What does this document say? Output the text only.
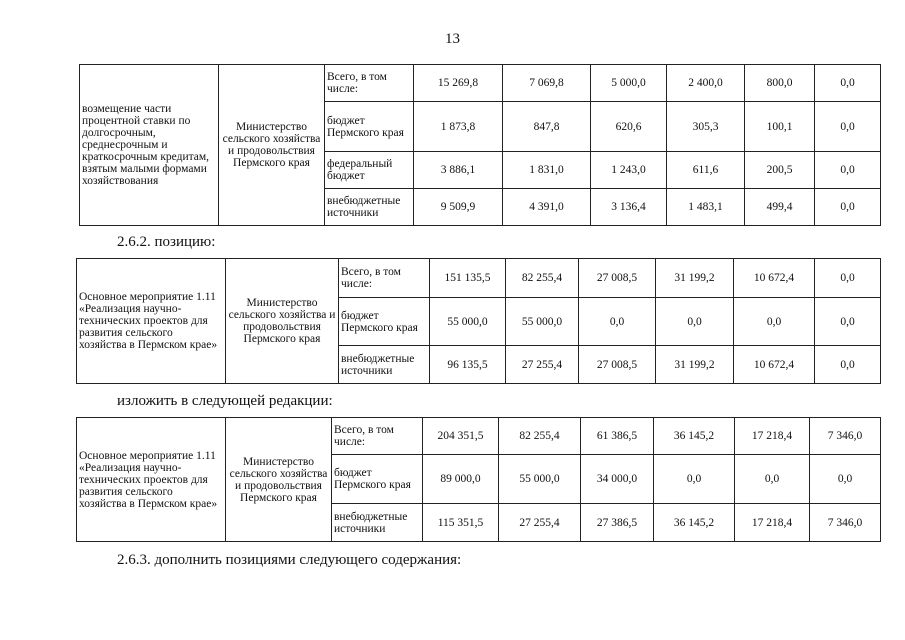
13
возмещение части процентной ставки по долгосрочным, среднесрочным и краткосрочным кредитам, взятым малыми формами хозяйствования	Министерство сельского хозяйства и продовольствия Пермского края	Всего, в том числе:	15 269,8	7 069,8	5 000,0	2 400,0	800,0	0,0
		бюджет Пермского края	1 873,8	847,8	620,6	305,3	100,1	0,0
		федеральный бюджет	3 886,1	1 831,0	1 243,0	611,6	200,5	0,0
		внебюджетные источники	9 509,9	4 391,0	3 136,4	1 483,1	499,4	0,0
2.6.2. позицию:
Основное мероприятие 1.11 «Реализация научно-технических проектов для развития сельского хозяйства в Пермском крае»	Министерство сельского хозяйства и продовольствия Пермского края	Всего, в том числе:	151 135,5	82 255,4	27 008,5	31 199,2	10 672,4	0,0
		бюджет Пермского края	55 000,0	55 000,0	0,0	0,0	0,0	0,0
		внебюджетные источники	96 135,5	27 255,4	27 008,5	31 199,2	10 672,4	0,0
изложить в следующей редакции:
Основное мероприятие 1.11 «Реализация научно-технических проектов для развития сельского хозяйства в Пермском крае»	Министерство сельского хозяйства и продовольствия Пермского края	Всего, в том числе:	204 351,5	82 255,4	61 386,5	36 145,2	17 218,4	7 346,0
		бюджет Пермского края	89 000,0	55 000,0	34 000,0	0,0	0,0	0,0
		внебюджетные источники	115 351,5	27 255,4	27 386,5	36 145,2	17 218,4	7 346,0
2.6.3. дополнить позициями следующего содержания:
